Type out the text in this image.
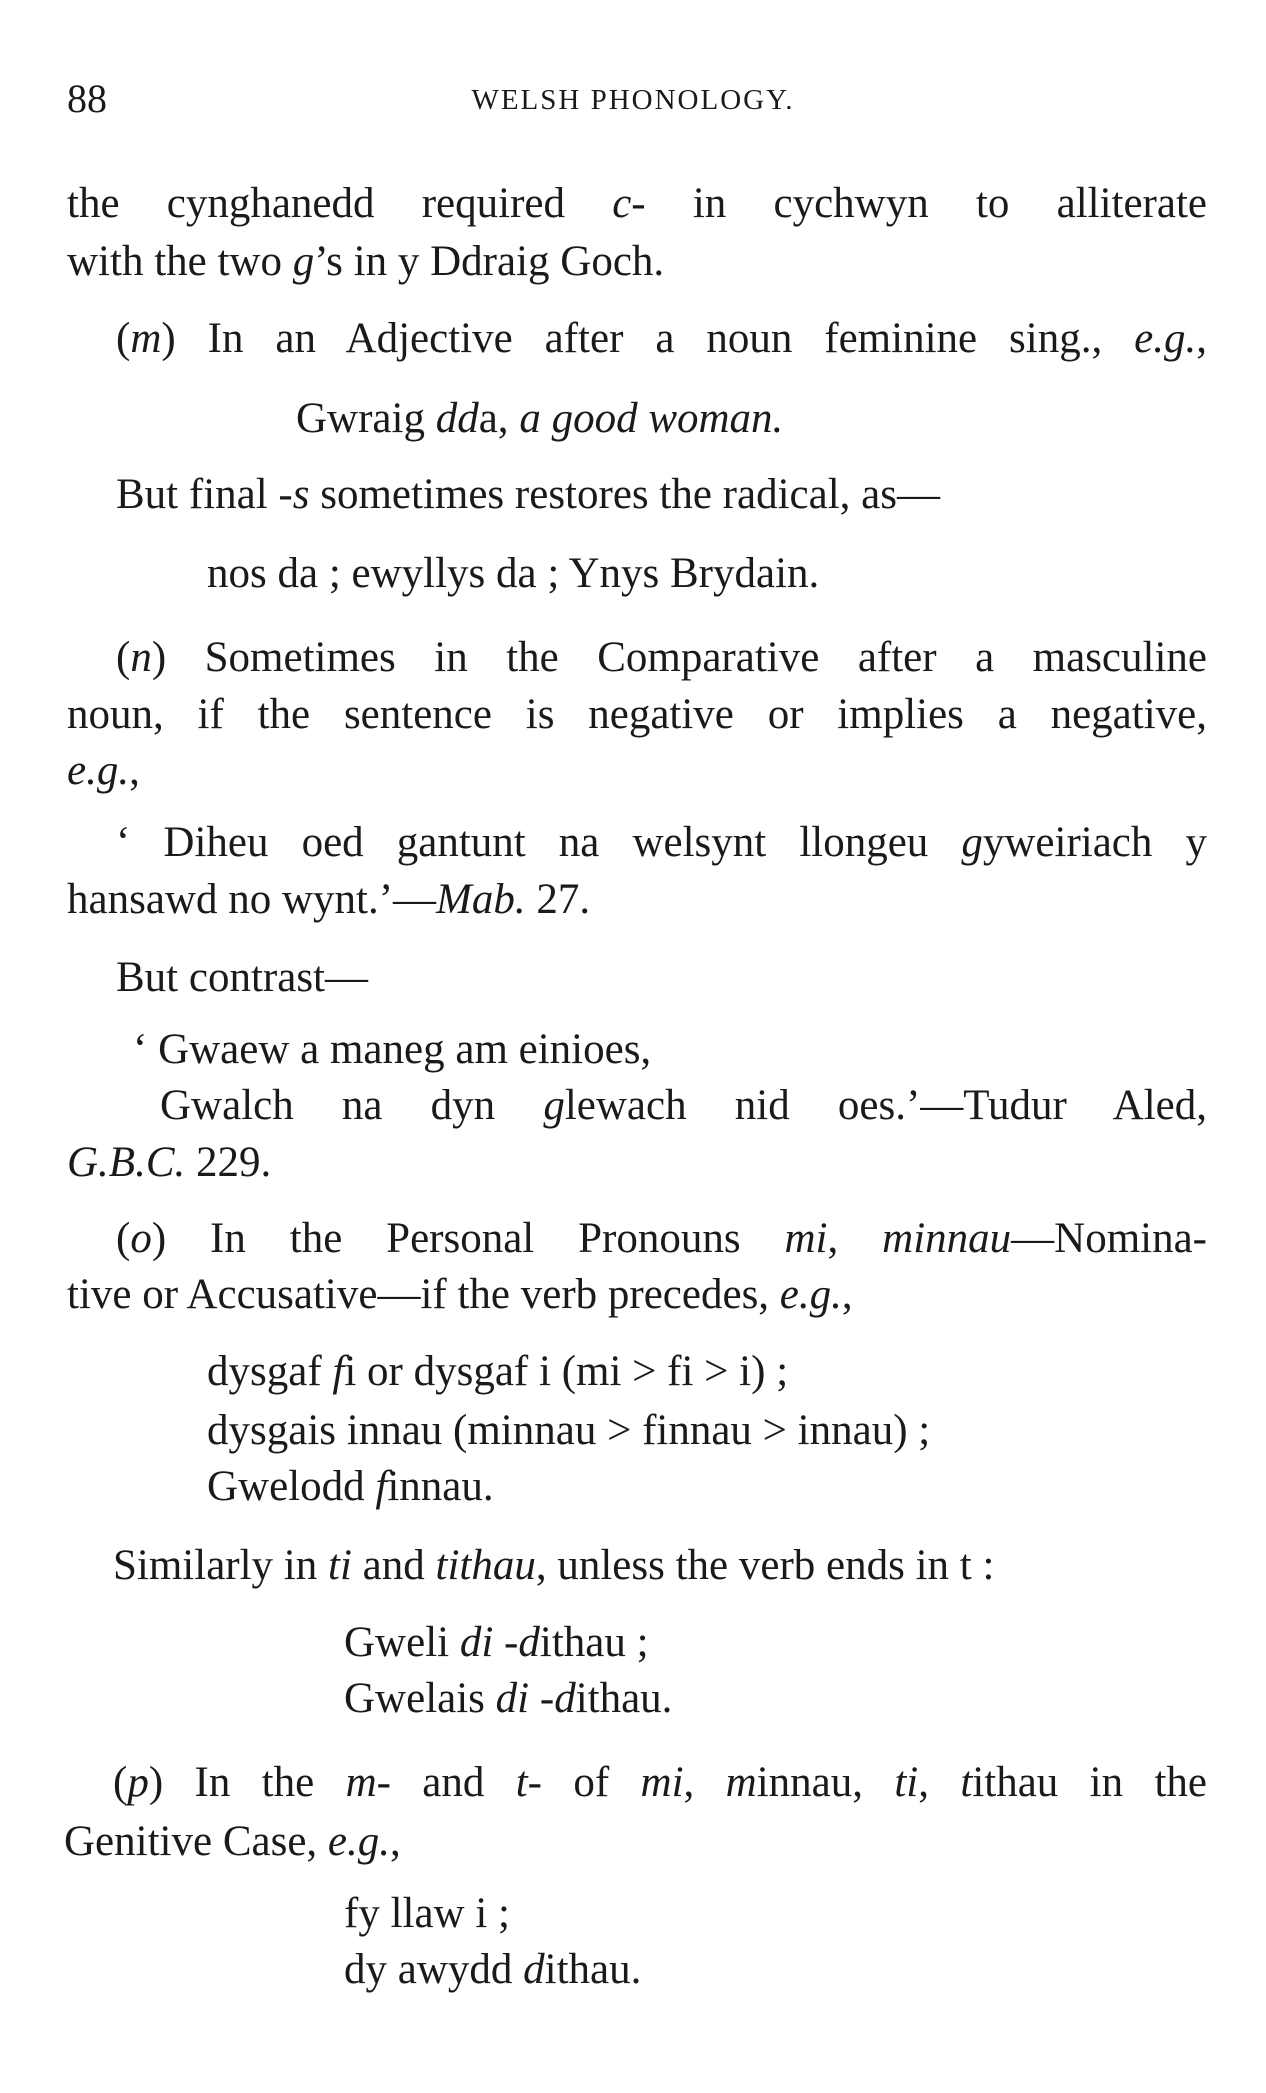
88	WELSH PHONOLOGY.
the cynghanedd required c- in cychwyn to alliterate
with the two g’s in y Ddraig Goch.
(m) In an Adjective after a noun feminine sing., e.g.,
Gwraig dda, a good woman.
But final -s sometimes restores the radical, as—
nos da ; ewyllys da ; Ynys Brydain.
(n) Sometimes in the Comparative after a masculine
noun, if the sentence is negative or implies a negative,
e.g.,
‘ Diheu oed gantunt na welsynt llongeu gyweiriach y
hansawd no wynt.’—Mab. 27.
But contrast—
‘ Gwaew a maneg am einioes,
Gwalch na dyn glewach nid oes.’—Tudur Aled,
G.B.C. 229.
(o) In the Personal Pronouns mi, minnau—Nomina-
tive or Accusative—if the verb precedes, e.g.,
dysgaf fi or dysgaf i (mi > fi > i) ;
dysgais innau (minnau > finnau > innau) ;
Gwelodd finnau.
Similarly in ti and tithau, unless the verb ends in t :
Gweli di -dithau ;
Gwelais di -dithau.
(p) In the m- and t- of mi, minnau, ti, tithau in the
Genitive Case, e.g.,
fy llaw i ;
dy awydd dithau.
